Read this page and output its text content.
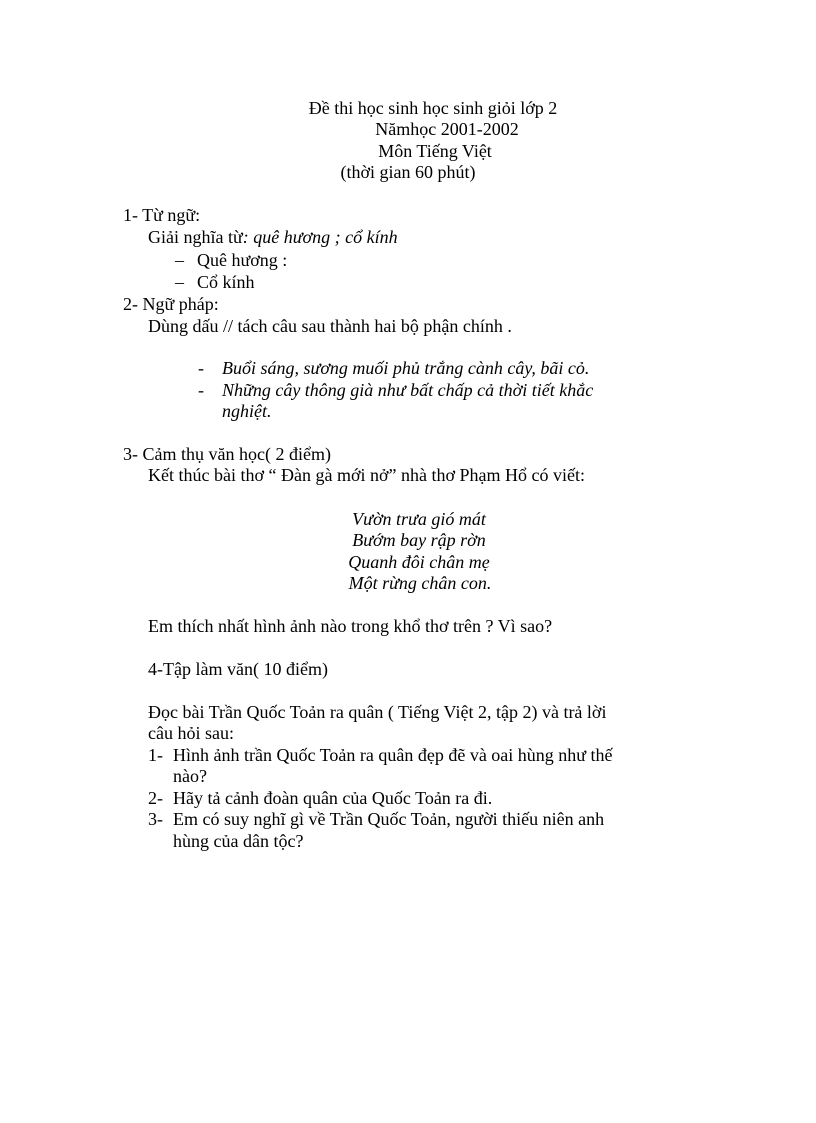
Đề thi học sinh học sinh giỏi lớp 2
Nămhọc 2001-2002
Môn Tiếng Việt
(thời gian 60 phút)
1- Từ ngữ:
Giải nghĩa từ: quê hương ; cổ kính
– Quê hương :
– Cổ kính
2- Ngữ pháp:
Dùng dấu // tách câu sau thành hai bộ phận chính .
- Buổi sáng, sương muối phủ trắng cành cây, bãi cỏ.
- Những cây thông già như bất chấp cả thời tiết khắc
nghiệt.
3- Cảm thụ văn học( 2 điểm)
Kết thúc bài thơ “ Đàn gà mới nở” nhà thơ Phạm Hổ có viết:
Vườn trưa gió mát
Bướm bay rập rờn
Quanh đôi chân mẹ
Một rừng chân con.
Em thích nhất hình ảnh nào trong khổ thơ trên ? Vì sao?
4-Tập làm văn( 10 điểm)
Đọc bài Trần Quốc Toản ra quân ( Tiếng Việt 2, tập 2) và trả lời
câu hỏi sau:
1- Hình ảnh trần Quốc Toản ra quân đẹp đẽ và oai hùng như thế
nào?
2- Hãy tả cảnh đoàn quân của Quốc Toản ra đi.
3- Em có suy nghĩ gì về Trần Quốc Toản, người thiếu niên anh
hùng của dân tộc?
